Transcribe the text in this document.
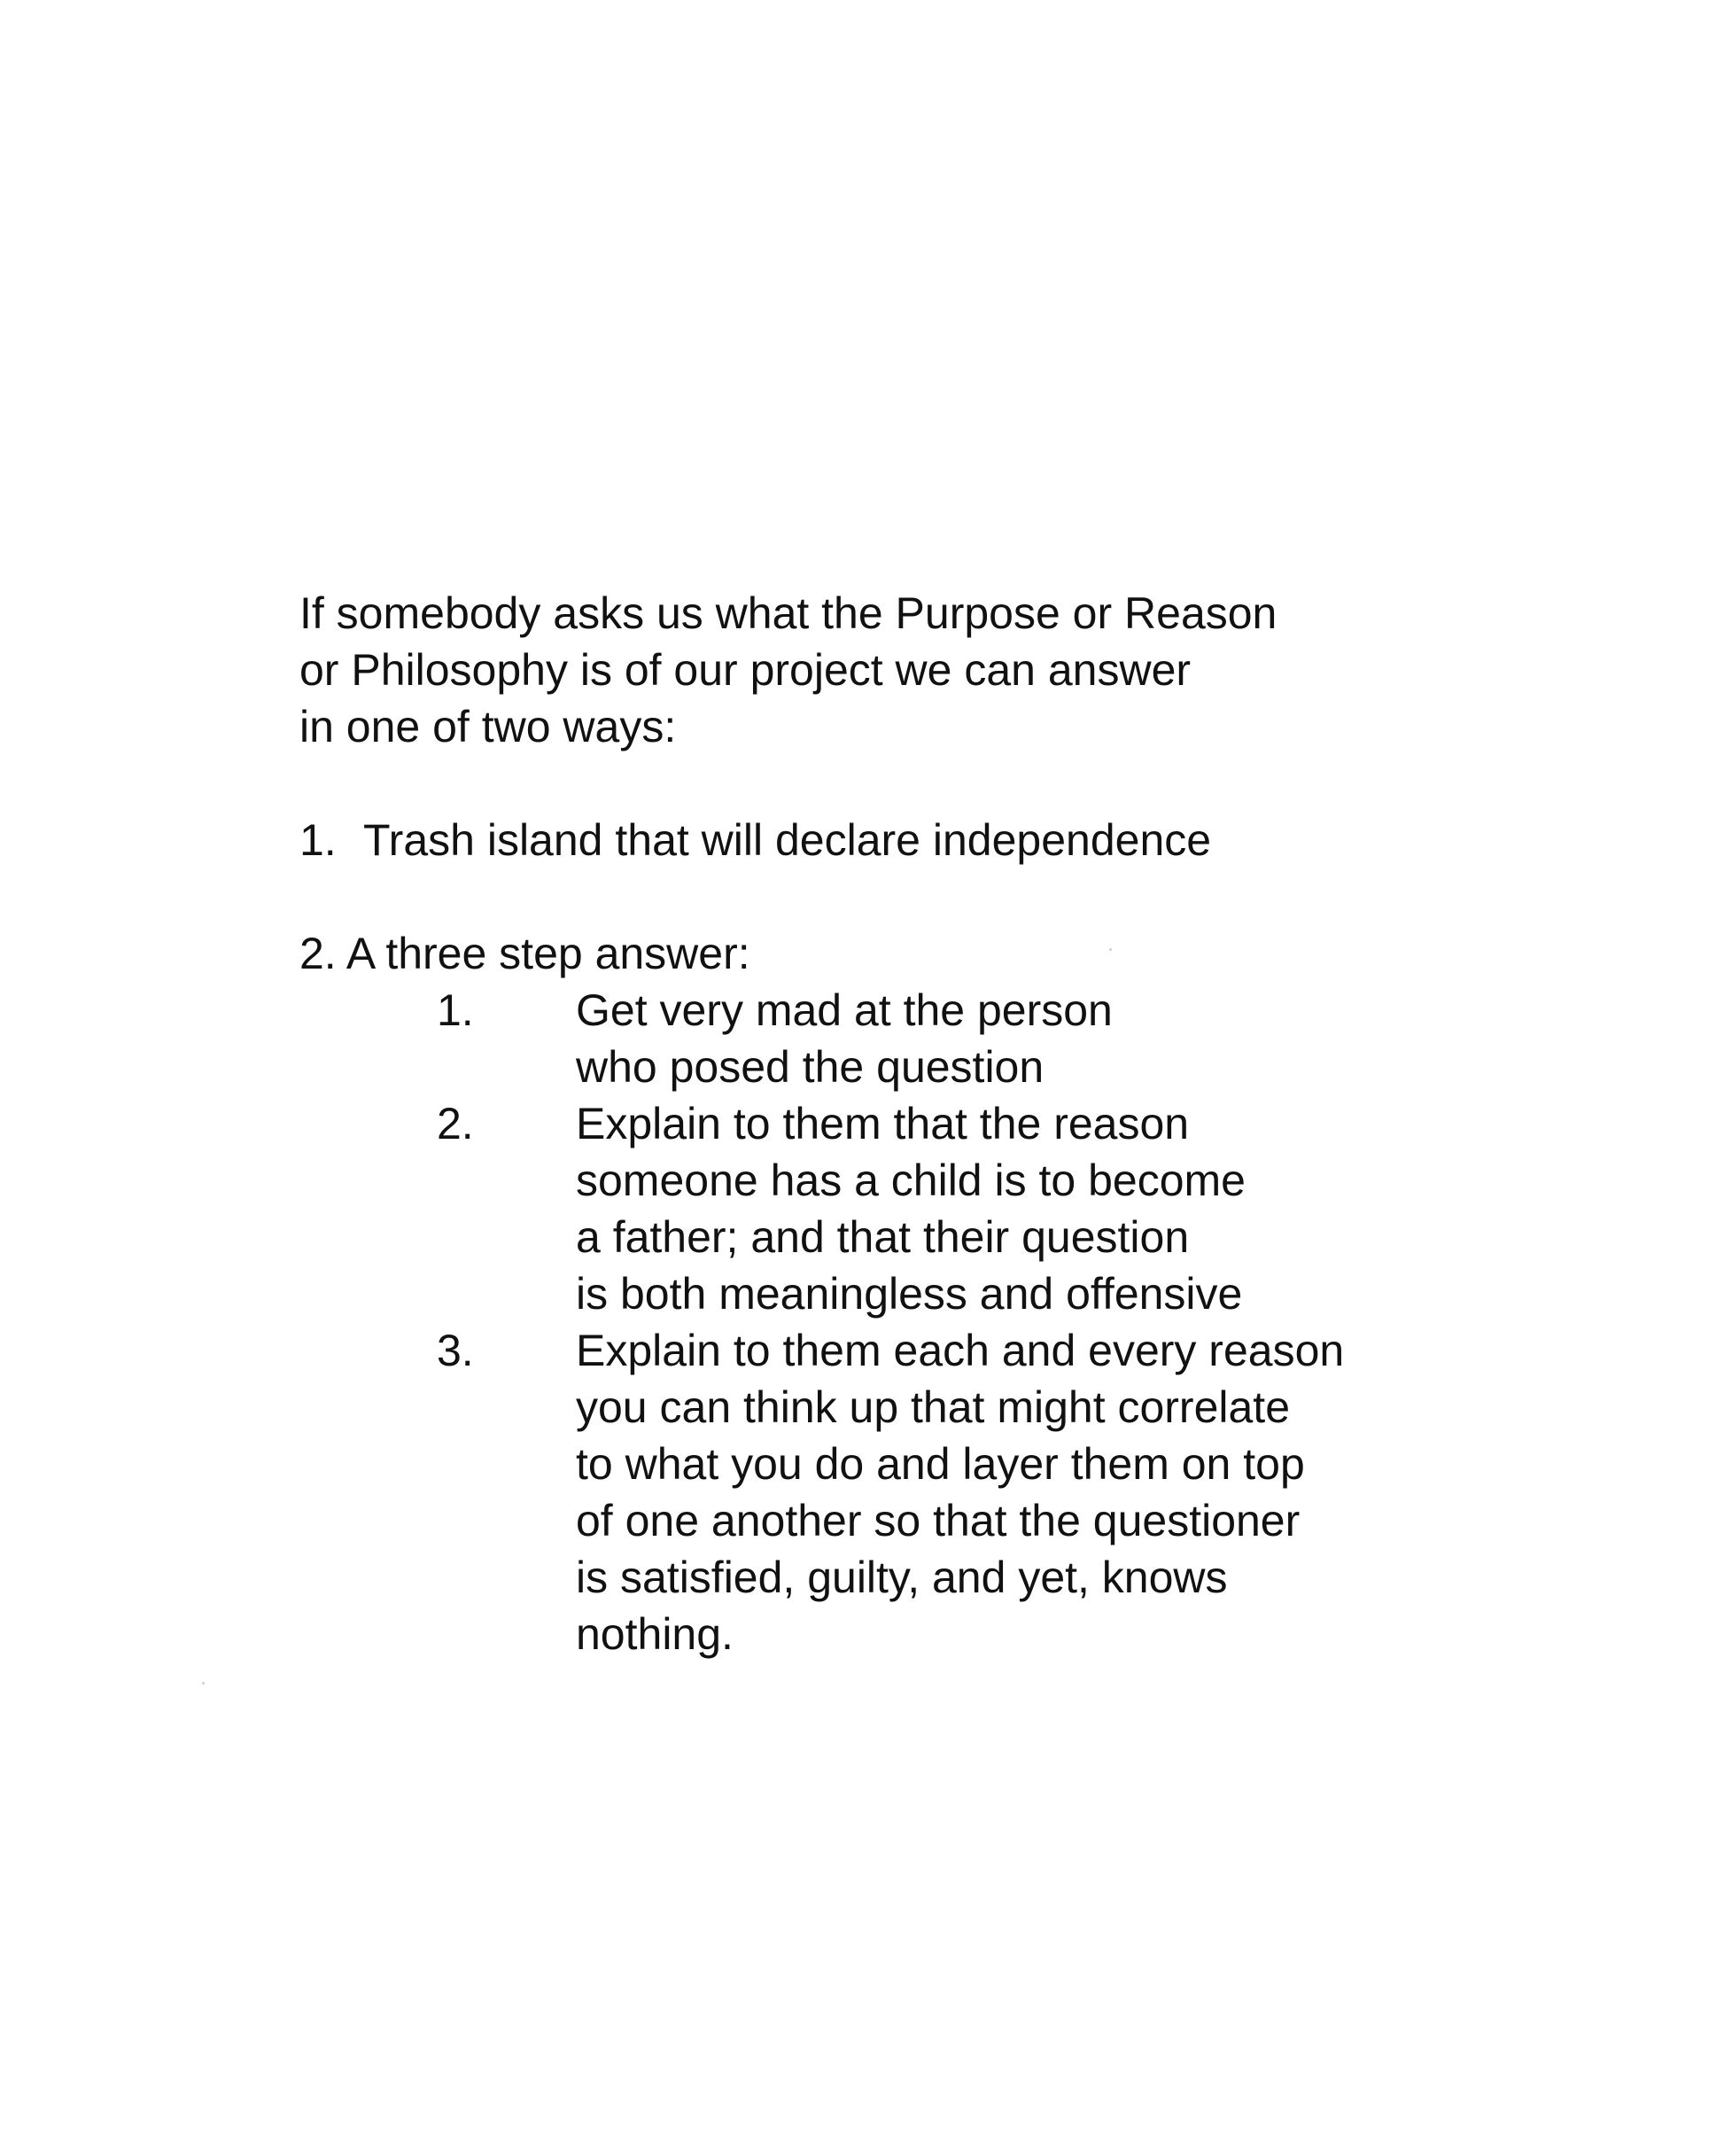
If somebody asks us what the Purpose or Reason
or Philosophy is of our project we can answer
in one of two ways:
1. Trash island that will declare independence
2. A three step answer:
1. Get very mad at the person
who posed the question
2. Explain to them that the reason
someone has a child is to become
a father; and that their question
is both meaningless and offensive
3. Explain to them each and every reason
you can think up that might correlate
to what you do and layer them on top
of one another so that the questioner
is satisfied, guilty, and yet, knows
nothing.
